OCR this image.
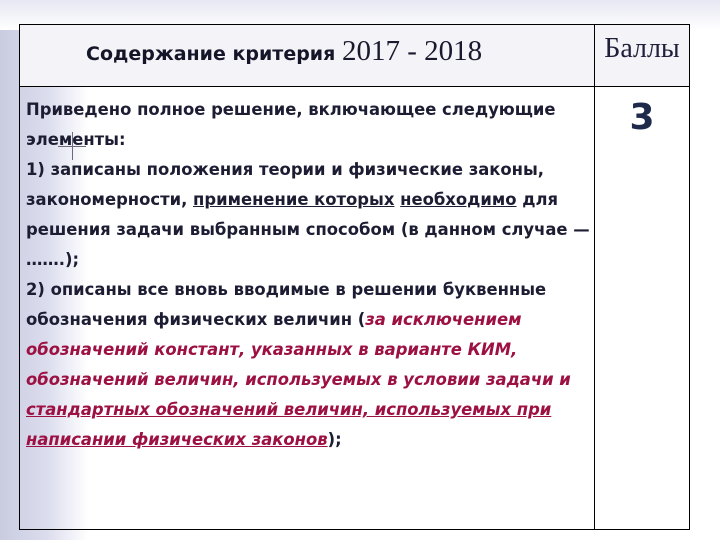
Содержание критерия 2017 - 2018	Баллы

Приведено полное решение, включающее следующие элементы:

1) записаны положения теории и физические законы, закономерности, применение которых необходимо для решения задачи выбранным способом (в данном случае — …….);

2) описаны все вновь вводимые в решении буквенные обозначения физических величин (за исключением обозначений констант, указанных в варианте КИМ, обозначений величин, используемых в условии задачи и стандартных обозначений величин, используемых при написании физических законов);

3
